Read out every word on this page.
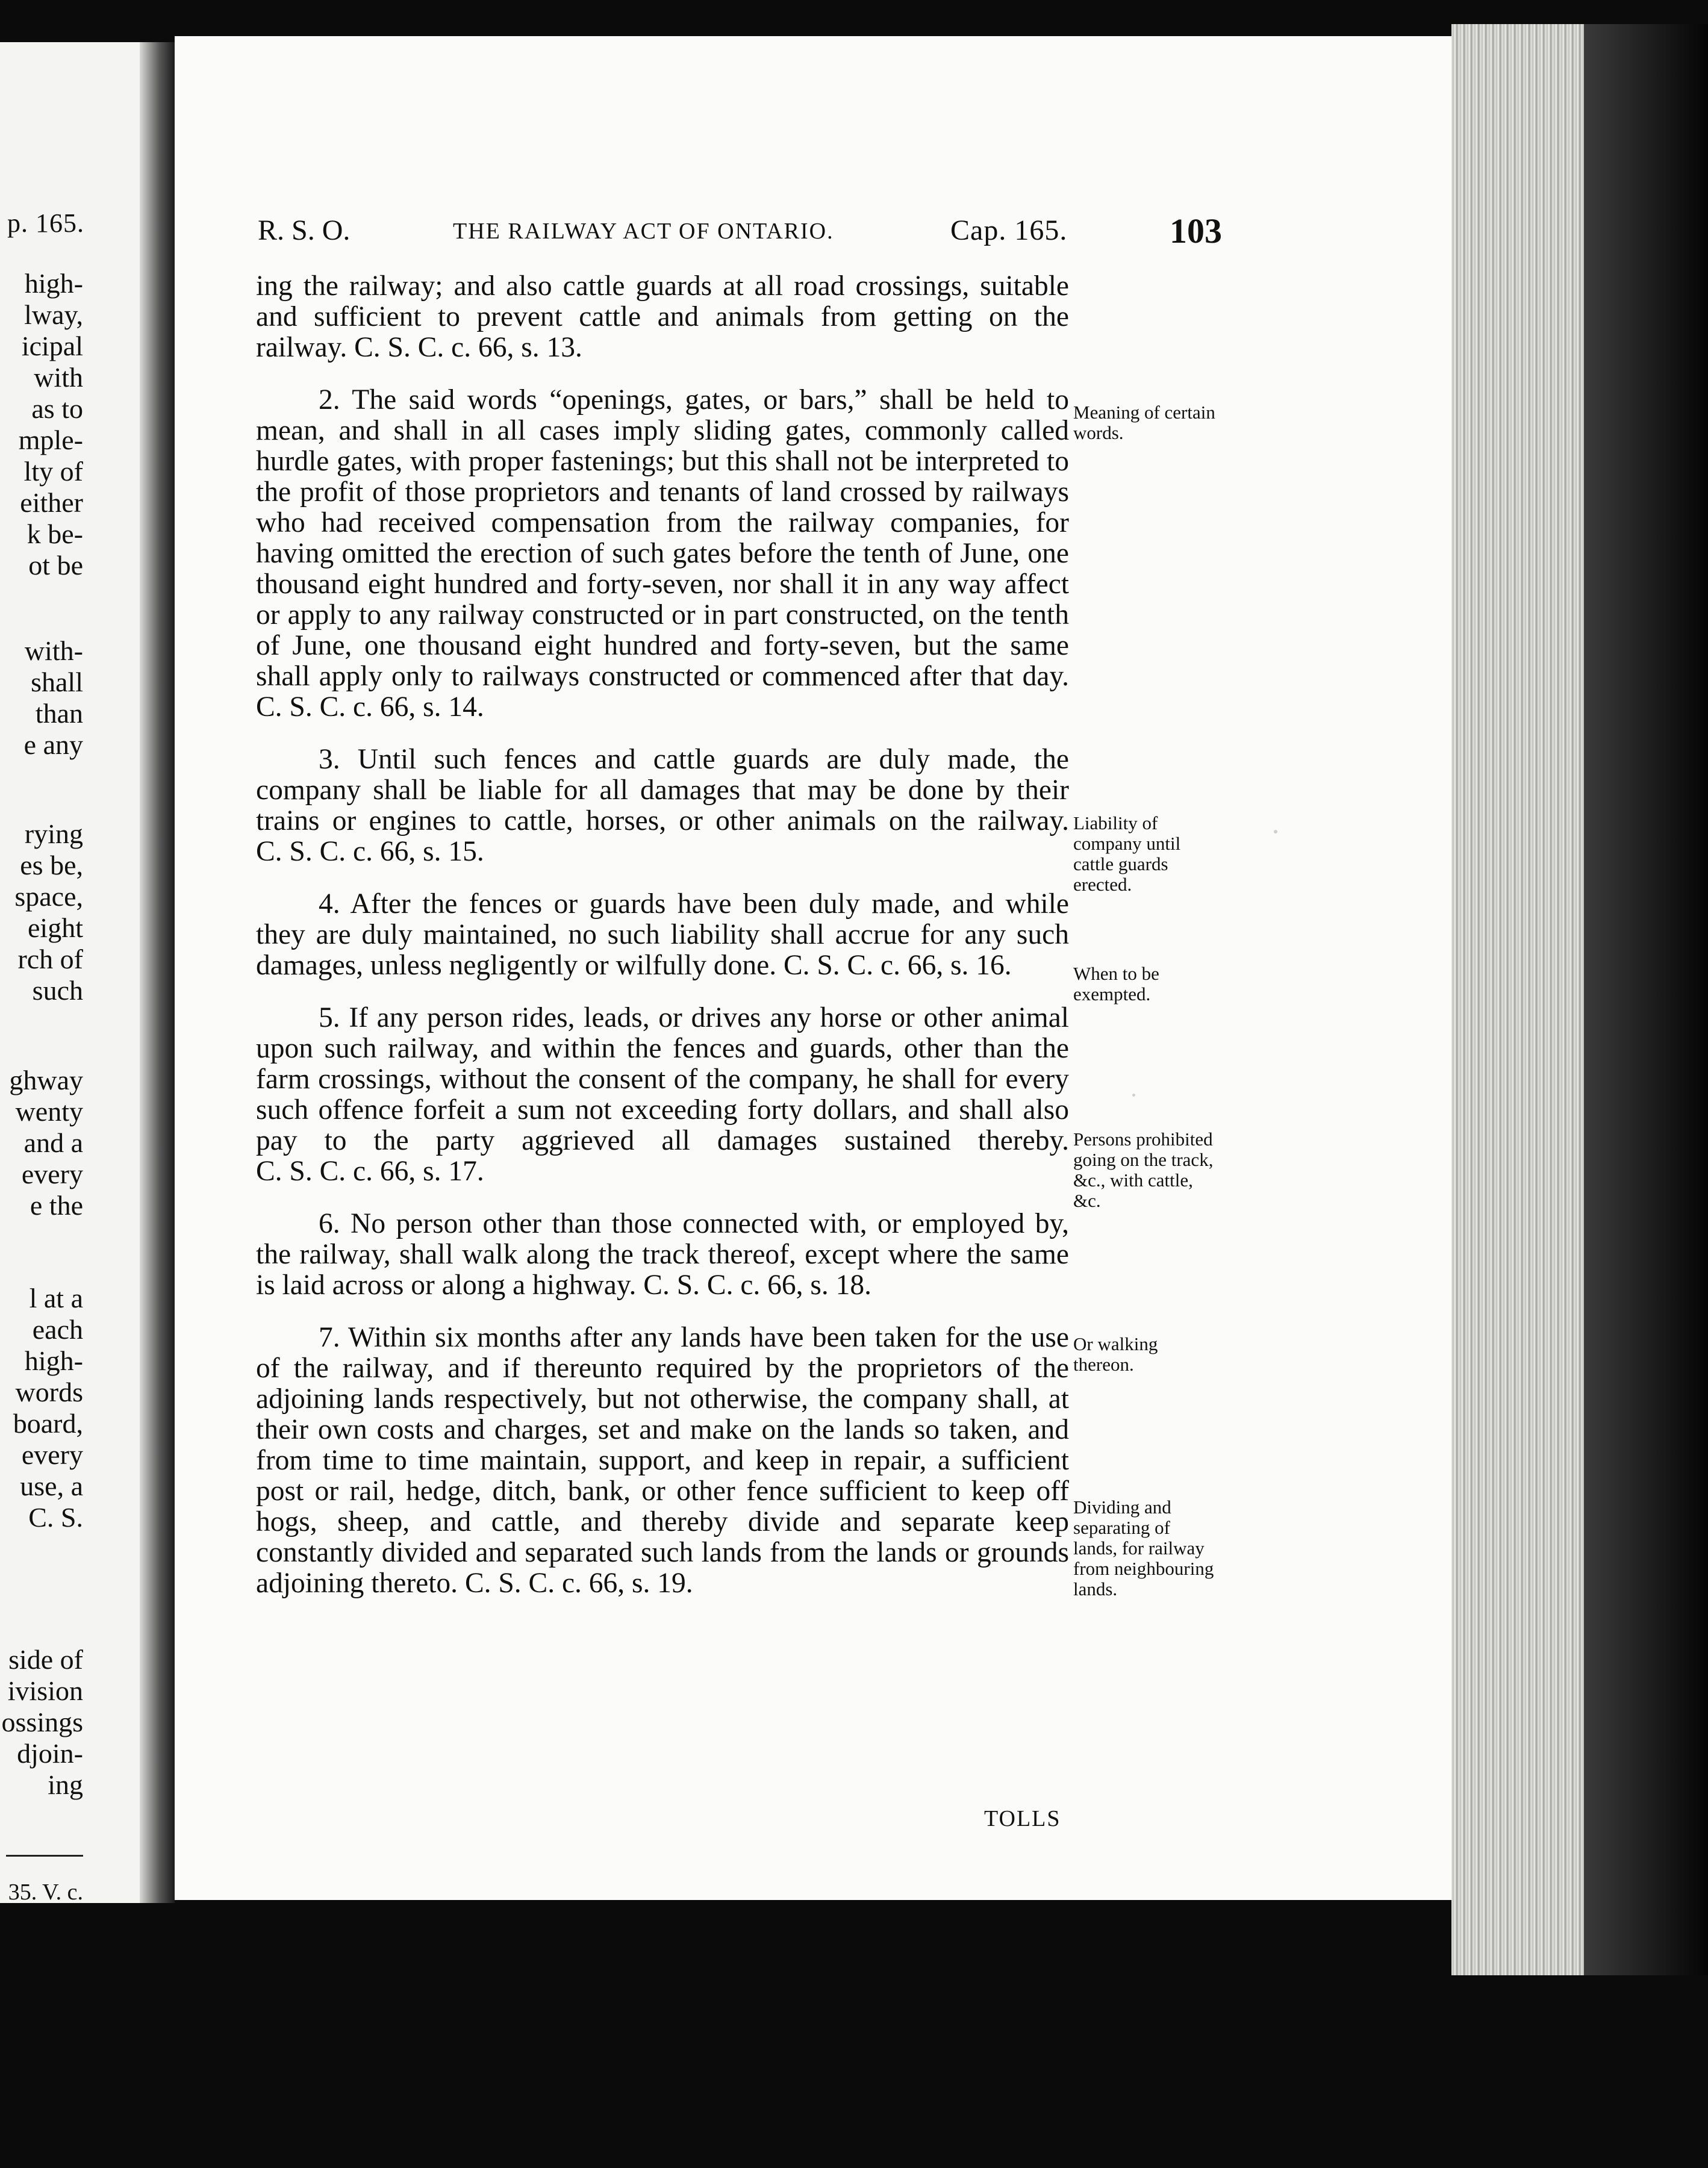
p. 165.
high-
lway,
icipal
with
as to
mple-
lty of
either
k be-
ot be
with-
shall
than
e any
rying
es be,
space,
eight
rch of
such
ghway
wenty
and a
every
e the
l at a
each
high-
words
board,
every
use, a
C. S.
side of
ivision
ossings
djoin-
ing
35. V. c.
R. S. O.	THE RAILWAY ACT OF ONTARIO.	Cap. 165.	103

ing the railway; and also cattle guards at all road crossings, suitable and sufficient to prevent cattle and animals from getting on the railway. C. S. C. c. 66, s. 13.

2. The said words “openings, gates, or bars,” shall be held to mean, and shall in all cases imply sliding gates, commonly called hurdle gates, with proper fastenings; but this shall not be interpreted to the profit of those proprietors and tenants of land crossed by railways who had received compensation from the railway companies, for having omitted the erection of such gates before the tenth of June, one thousand eight hundred and forty-seven, nor shall it in any way affect or apply to any railway constructed or in part constructed, on the tenth of June, one thousand eight hundred and forty-seven, but the same shall apply only to railways constructed or commenced after that day. C. S. C. c. 66, s. 14.

3. Until such fences and cattle guards are duly made, the company shall be liable for all damages that may be done by their trains or engines to cattle, horses, or other animals on the railway. C. S. C. c. 66, s. 15.

4. After the fences or guards have been duly made, and while they are duly maintained, no such liability shall accrue for any such damages, unless negligently or wilfully done. C. S. C. c. 66, s. 16.

5. If any person rides, leads, or drives any horse or other animal upon such railway, and within the fences and guards, other than the farm crossings, without the consent of the company, he shall for every such offence forfeit a sum not exceeding forty dollars, and shall also pay to the party aggrieved all damages sustained thereby. C. S. C. c. 66, s. 17.

6. No person other than those connected with, or employed by, the railway, shall walk along the track thereof, except where the same is laid across or along a highway. C. S. C. c. 66, s. 18.

7. Within six months after any lands have been taken for the use of the railway, and if thereunto required by the proprietors of the adjoining lands respectively, but not otherwise, the company shall, at their own costs and charges, set and make on the lands so taken, and from time to time maintain, support, and keep in repair, a sufficient post or rail, hedge, ditch, bank, or other fence sufficient to keep off hogs, sheep, and cattle, and thereby divide and separate keep constantly divided and separated such lands from the lands or grounds adjoining thereto. C. S. C. c. 66, s. 19.

Meaning of certain words.
Liability of company until cattle guards erected.
When to be exempted.
Persons prohibited going on the track, &c., with cattle, &c.
Or walking thereon.
Dividing and separating of lands, for railway from neighbouring lands.
TOLLS
